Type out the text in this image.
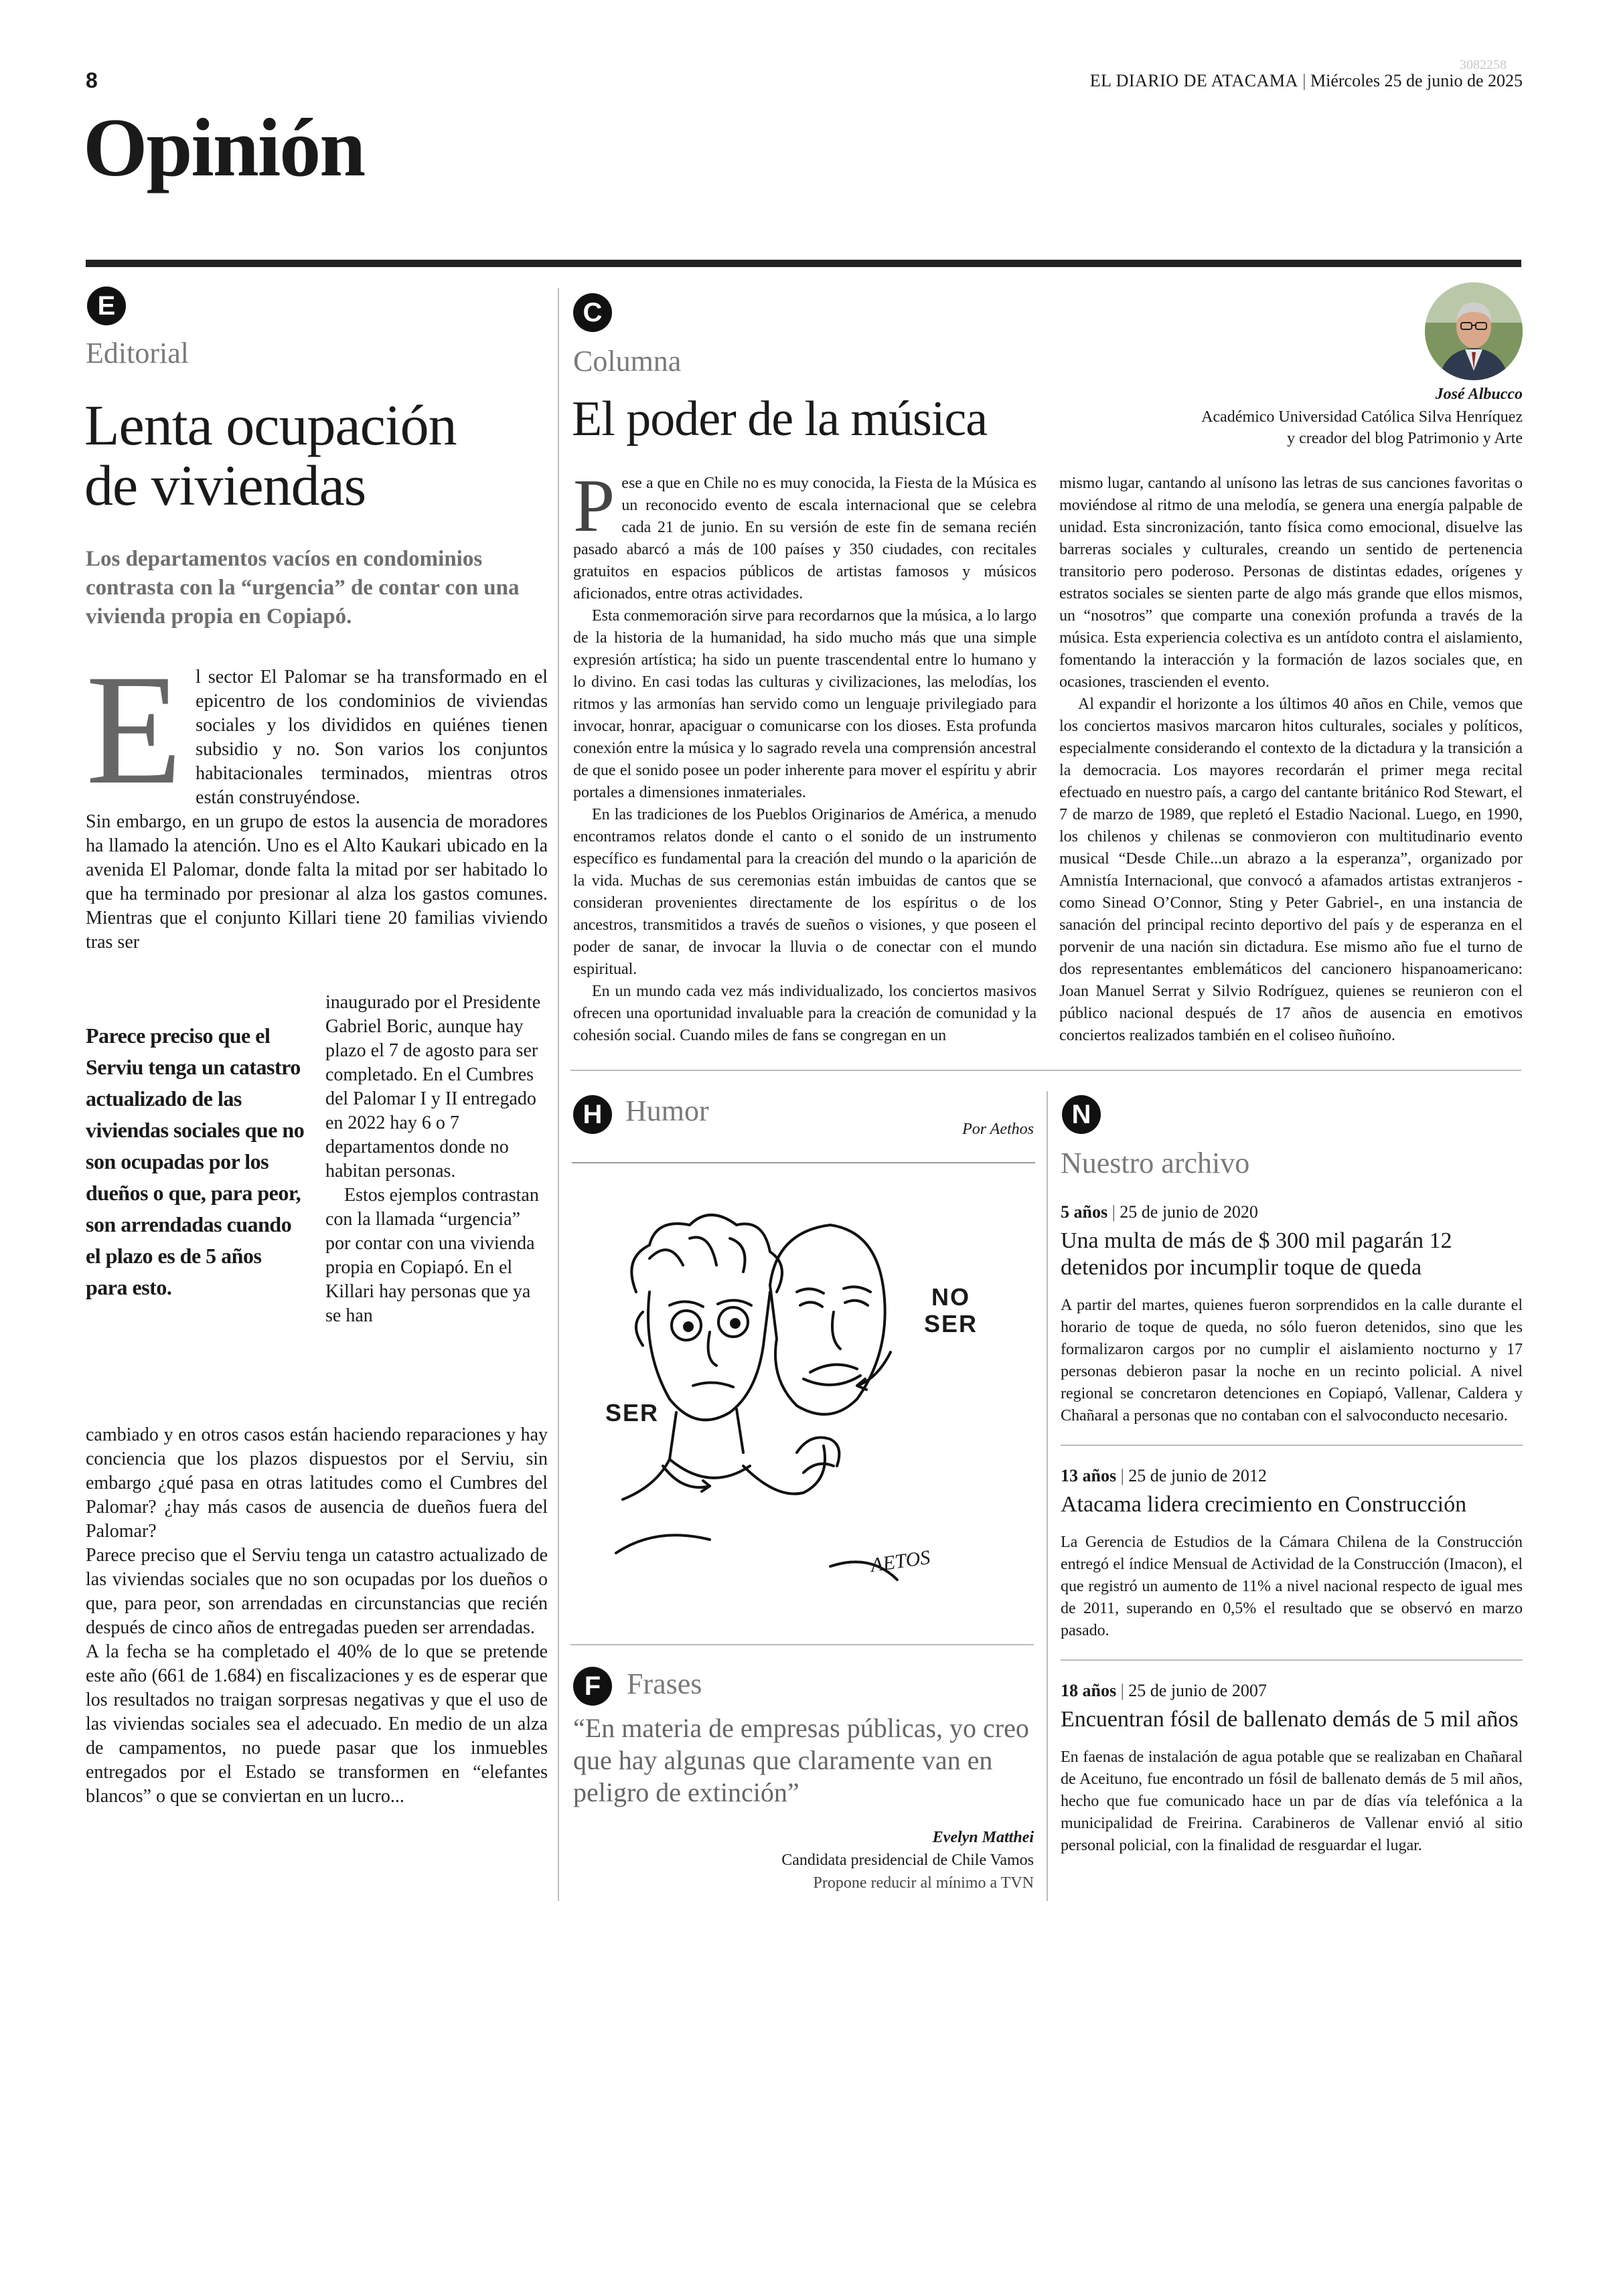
8
3082258
EL DIARIO DE ATACAMA | Miércoles 25 de junio de 2025
Opinión
E
Editorial
Lenta ocupación
de viviendas
Los departamentos vacíos en condominios contrasta con la “urgencia” de contar con una vivienda propia en Copiapó.
E l sector El Palomar se ha transformado en el epicentro de los condominios de viviendas sociales y los divididos en quiénes tienen subsidio y no. Son varios los conjuntos habitacionales terminados, mientras otros están construyéndose.
Sin embargo, en un grupo de estos la ausencia de moradores ha llamado la atención. Uno es el Alto Kaukari ubicado en la avenida El Palomar, donde falta la mitad por ser habitado lo que ha terminado por presionar al alza los gastos comunes. Mientras que el conjunto Killari tiene 20 familias viviendo tras ser
Parece preciso que el Serviu tenga un catastro actualizado de las viviendas sociales que no son ocupadas por los dueños o que, para peor, son arrendadas cuando el plazo es de 5 años para esto.
inaugurado por el Presidente Gabriel Boric, aunque hay plazo el 7 de agosto para ser completado. En el Cumbres del Palomar I y II entregado en 2022 hay 6 o 7 departamentos donde no habitan personas.
Estos ejemplos contrastan con la llamada “urgencia” por contar con una vivienda propia en Copiapó. En el Killari hay personas que ya se han
cambiado y en otros casos están haciendo reparaciones y hay conciencia que los plazos dispuestos por el Serviu, sin embargo ¿qué pasa en otras latitudes como el Cumbres del Palomar? ¿hay más casos de ausencia de dueños fuera del Palomar?
Parece preciso que el Serviu tenga un catastro actualizado de las viviendas sociales que no son ocupadas por los dueños o que, para peor, son arrendadas en circunstancias que recién después de cinco años de entregadas pueden ser arrendadas.
A la fecha se ha completado el 40% de lo que se pretende este año (661 de 1.684) en fiscalizaciones y es de esperar que los resultados no traigan sorpresas negativas y que el uso de las viviendas sociales sea el adecuado. En medio de un alza de campamentos, no puede pasar que los inmuebles entregados por el Estado se transformen en “elefantes blancos” o que se conviertan en un lucro...
C
Columna
El poder de la música	José Albucco
Académico Universidad Católica Silva Henríquez
y creador del blog Patrimonio y Arte

P ese a que en Chile no es muy conocida, la Fiesta de la Música es un reconocido evento de escala internacional que se celebra cada 21 de junio. En su versión de este fin de semana recién pasado abarcó a más de 100 países y 350 ciudades, con recitales gratuitos en espacios públicos de artistas famosos y músicos aficionados, entre otras actividades.

Esta conmemoración sirve para recordarnos que la música, a lo largo de la historia de la humanidad, ha sido mucho más que una simple expresión artística; ha sido un puente trascendental entre lo humano y lo divino. En casi todas las culturas y civilizaciones, las melodías, los ritmos y las armonías han servido como un lenguaje privilegiado para invocar, honrar, apaciguar o comunicarse con los dioses. Esta profunda conexión entre la música y lo sagrado revela una comprensión ancestral de que el sonido posee un poder inherente para mover el espíritu y abrir portales a dimensiones inmateriales.

En las tradiciones de los Pueblos Originarios de América, a menudo encontramos relatos donde el canto o el sonido de un instrumento específico es fundamental para la creación del mundo o la aparición de la vida. Muchas de sus ceremonias están imbuidas de cantos que se consideran provenientes directamente de los espíritus o de los ancestros, transmitidos a través de sueños o visiones, y que poseen el poder de sanar, de invocar la lluvia o de conectar con el mundo espiritual.

En un mundo cada vez más individualizado, los conciertos masivos ofrecen una oportunidad invaluable para la creación de comunidad y la cohesión social. Cuando miles de fans se congregan en un

mismo lugar, cantando al unísono las letras de sus canciones favoritas o moviéndose al ritmo de una melodía, se genera una energía palpable de unidad. Esta sincronización, tanto física como emocional, disuelve las barreras sociales y culturales, creando un sentido de pertenencia transitorio pero poderoso. Personas de distintas edades, orígenes y estratos sociales se sienten parte de algo más grande que ellos mismos, un “nosotros” que comparte una conexión profunda a través de la música. Esta experiencia colectiva es un antídoto contra el aislamiento, fomentando la interacción y la formación de lazos sociales que, en ocasiones, trascienden el evento.

Al expandir el horizonte a los últimos 40 años en Chile, vemos que los conciertos masivos marcaron hitos culturales, sociales y políticos, especialmente considerando el contexto de la dictadura y la transición a la democracia. Los mayores recordarán el primer mega recital efectuado en nuestro país, a cargo del cantante británico Rod Stewart, el 7 de marzo de 1989, que repletó el Estadio Nacional. Luego, en 1990, los chilenos y chilenas se conmovieron con multitudinario evento musical “Desde Chile...un abrazo a la esperanza”, organizado por Amnistía Internacional, que convocó a afamados artistas extranjeros -como Sinead O’Connor, Sting y Peter Gabriel-, en una instancia de sanación del principal recinto deportivo del país y de esperanza en el porvenir de una nación sin dictadura. Ese mismo año fue el turno de dos representantes emblemáticos del cancionero hispanoamericano: Joan Manuel Serrat y Silvio Rodríguez, quienes se reunieron con el público nacional después de 17 años de ausencia en emotivos conciertos realizados también en el coliseo ñuñoíno.

H Humor
Por Aethos
SER
NO
SER
AETOS
F Frases
“En materia de empresas públicas, yo creo que hay algunas que claramente van en peligro de extinción”
Evelyn Matthei
Candidata presidencial de Chile Vamos
Propone reducir al mínimo a TVN
N
Nuestro archivo

5 años | 25 de junio de 2020

Una multa de más de $ 300 mil pagarán 12 detenidos por incumplir toque de queda
A partir del martes, quienes fueron sorprendidos en la calle durante el horario de toque de queda, no sólo fueron detenidos, sino que les formalizaron cargos por no cumplir el aislamiento nocturno y 17 personas debieron pasar la noche en un recinto policial. A nivel regional se concretaron detenciones en Copiapó, Vallenar, Caldera y Chañaral a personas que no contaban con el salvoconducto necesario.

13 años | 25 de junio de 2012

Atacama lidera crecimiento en Construcción
La Gerencia de Estudios de la Cámara Chilena de la Construcción entregó el índice Mensual de Actividad de la Construcción (Imacon), el que registró un aumento de 11% a nivel nacional respecto de igual mes de 2011, superando en 0,5% el resultado que se observó en marzo pasado.

18 años | 25 de junio de 2007

Encuentran fósil de ballenato demás de 5 mil años
En faenas de instalación de agua potable que se realizaban en Chañaral de Aceituno, fue encontrado un fósil de ballenato demás de 5 mil años, hecho que fue comunicado hace un par de días vía telefónica a la municipalidad de Freirina. Carabineros de Vallenar envió al sitio personal policial, con la finalidad de resguardar el lugar.
